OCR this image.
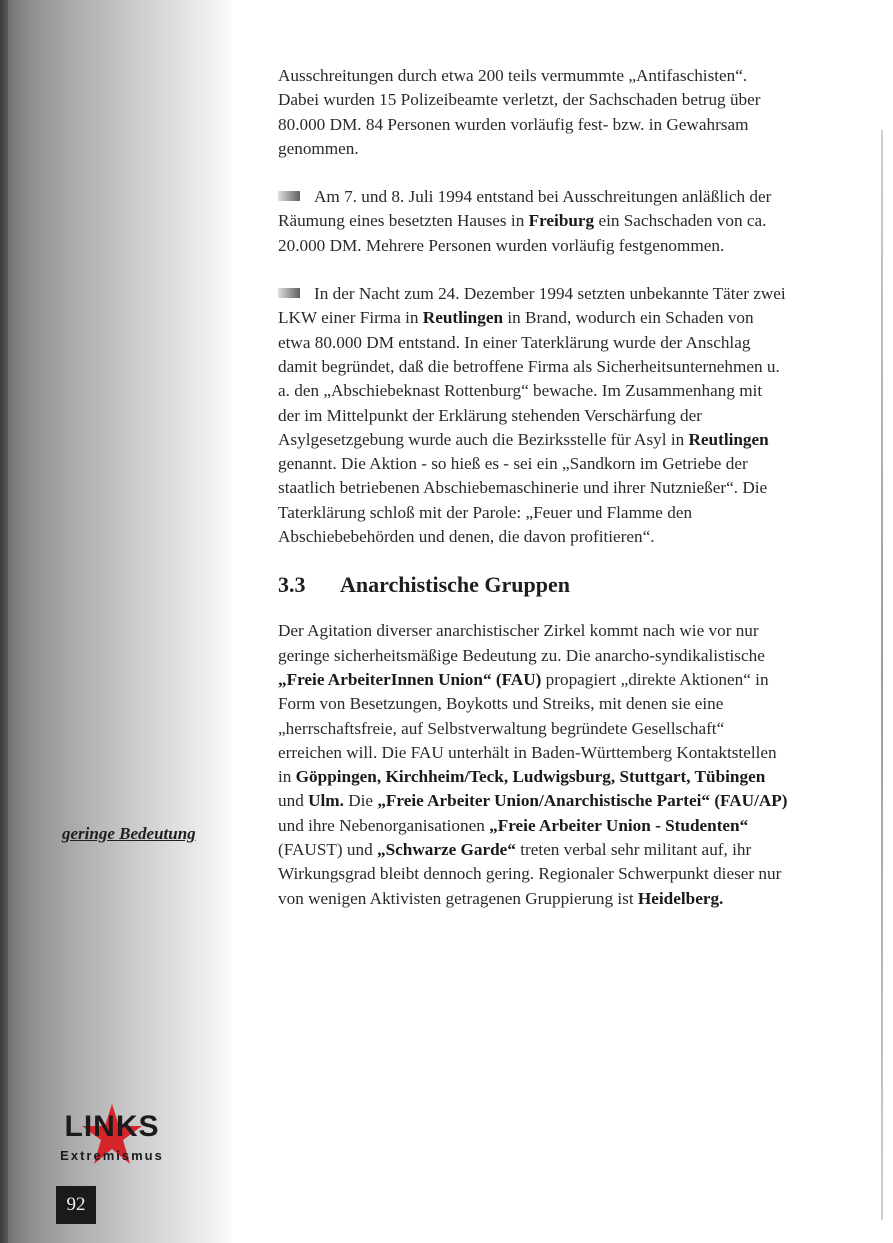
Ausschreitungen durch etwa 200 teils vermummte „Antifaschisten“. Dabei wurden 15 Polizeibeamte verletzt, der Sachschaden betrug über 80.000 DM. 84 Personen wurden vorläufig fest- bzw. in Gewahrsam genommen.

Am 7. und 8. Juli 1994 entstand bei Ausschreitungen anläßlich der Räumung eines besetzten Hauses in Freiburg ein Sachschaden von ca. 20.000 DM. Mehrere Personen wurden vorläufig festgenommen.

In der Nacht zum 24. Dezember 1994 setzten unbekannte Täter zwei LKW einer Firma in Reutlingen in Brand, wodurch ein Schaden von etwa 80.000 DM entstand. In einer Taterklärung wurde der Anschlag damit begründet, daß die betroffene Firma als Sicherheitsunternehmen u. a. den „Abschiebeknast Rottenburg“ bewache. Im Zusammenhang mit der im Mittelpunkt der Erklärung stehenden Verschärfung der Asylgesetzgebung wurde auch die Bezirksstelle für Asyl in Reutlingen genannt. Die Aktion - so hieß es - sei ein „Sandkorn im Getriebe der staatlich betriebenen Abschiebemaschinerie und ihrer Nutznießer“. Die Taterklärung schloß mit der Parole: „Feuer und Flamme den Abschiebebehörden und denen, die davon profitieren“.

3.3 Anarchistische Gruppen

Der Agitation diverser anarchistischer Zirkel kommt nach wie vor nur geringe sicherheitsmäßige Bedeutung zu. Die anarcho-syndikalistische „Freie ArbeiterInnen Union“ (FAU) propagiert „direkte Aktionen“ in Form von Besetzungen, Boykotts und Streiks, mit denen sie eine „herrschaftsfreie, auf Selbstverwaltung begründete Gesellschaft“ erreichen will. Die FAU unterhält in Baden-Württemberg Kontaktstellen in Göppingen, Kirchheim/Teck, Ludwigsburg, Stuttgart, Tübingen und Ulm. Die „Freie Arbeiter Union/Anarchistische Partei“ (FAU/AP) und ihre Nebenorganisationen „Freie Arbeiter Union - Studenten“ (FAUST) und „Schwarze Garde“ treten verbal sehr militant auf, ihr Wirkungsgrad bleibt dennoch gering. Regionaler Schwerpunkt dieser nur von wenigen Aktivisten getragenen Gruppierung ist Heidelberg.

geringe Bedeutung
LINKS
Extremismus
92
